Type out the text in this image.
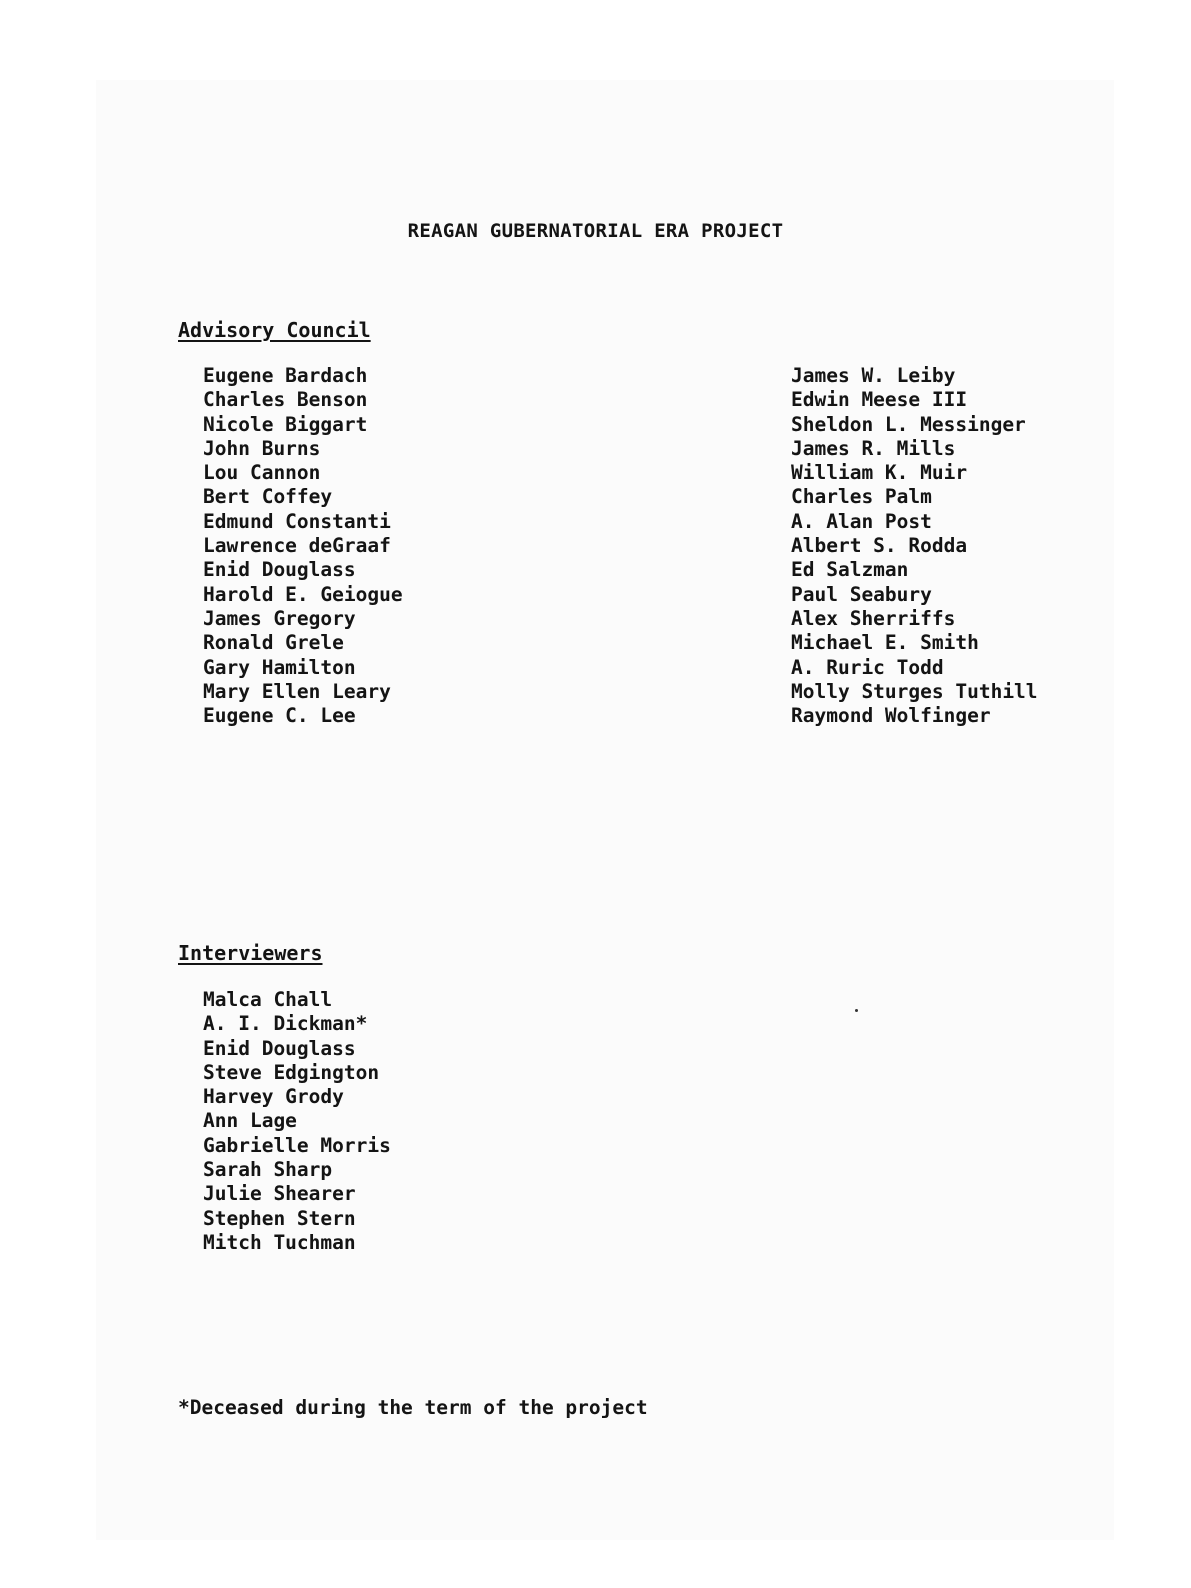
REAGAN GUBERNATORIAL ERA PROJECT
Advisory Council
Eugene Bardach
Charles Benson
Nicole Biggart
John Burns
Lou Cannon
Bert Coffey
Edmund Constanti
Lawrence deGraaf
Enid Douglass
Harold E. Geiogue
James Gregory
Ronald Grele
Gary Hamilton
Mary Ellen Leary
Eugene C. Lee
James W. Leiby
Edwin Meese III
Sheldon L. Messinger
James R. Mills
William K. Muir
Charles Palm
A. Alan Post
Albert S. Rodda
Ed Salzman
Paul Seabury
Alex Sherriffs
Michael E. Smith
A. Ruric Todd
Molly Sturges Tuthill
Raymond Wolfinger
Interviewers
Malca Chall
A. I. Dickman*
Enid Douglass
Steve Edgington
Harvey Grody
Ann Lage
Gabrielle Morris
Sarah Sharp
Julie Shearer
Stephen Stern
Mitch Tuchman
*Deceased during the term of the project
